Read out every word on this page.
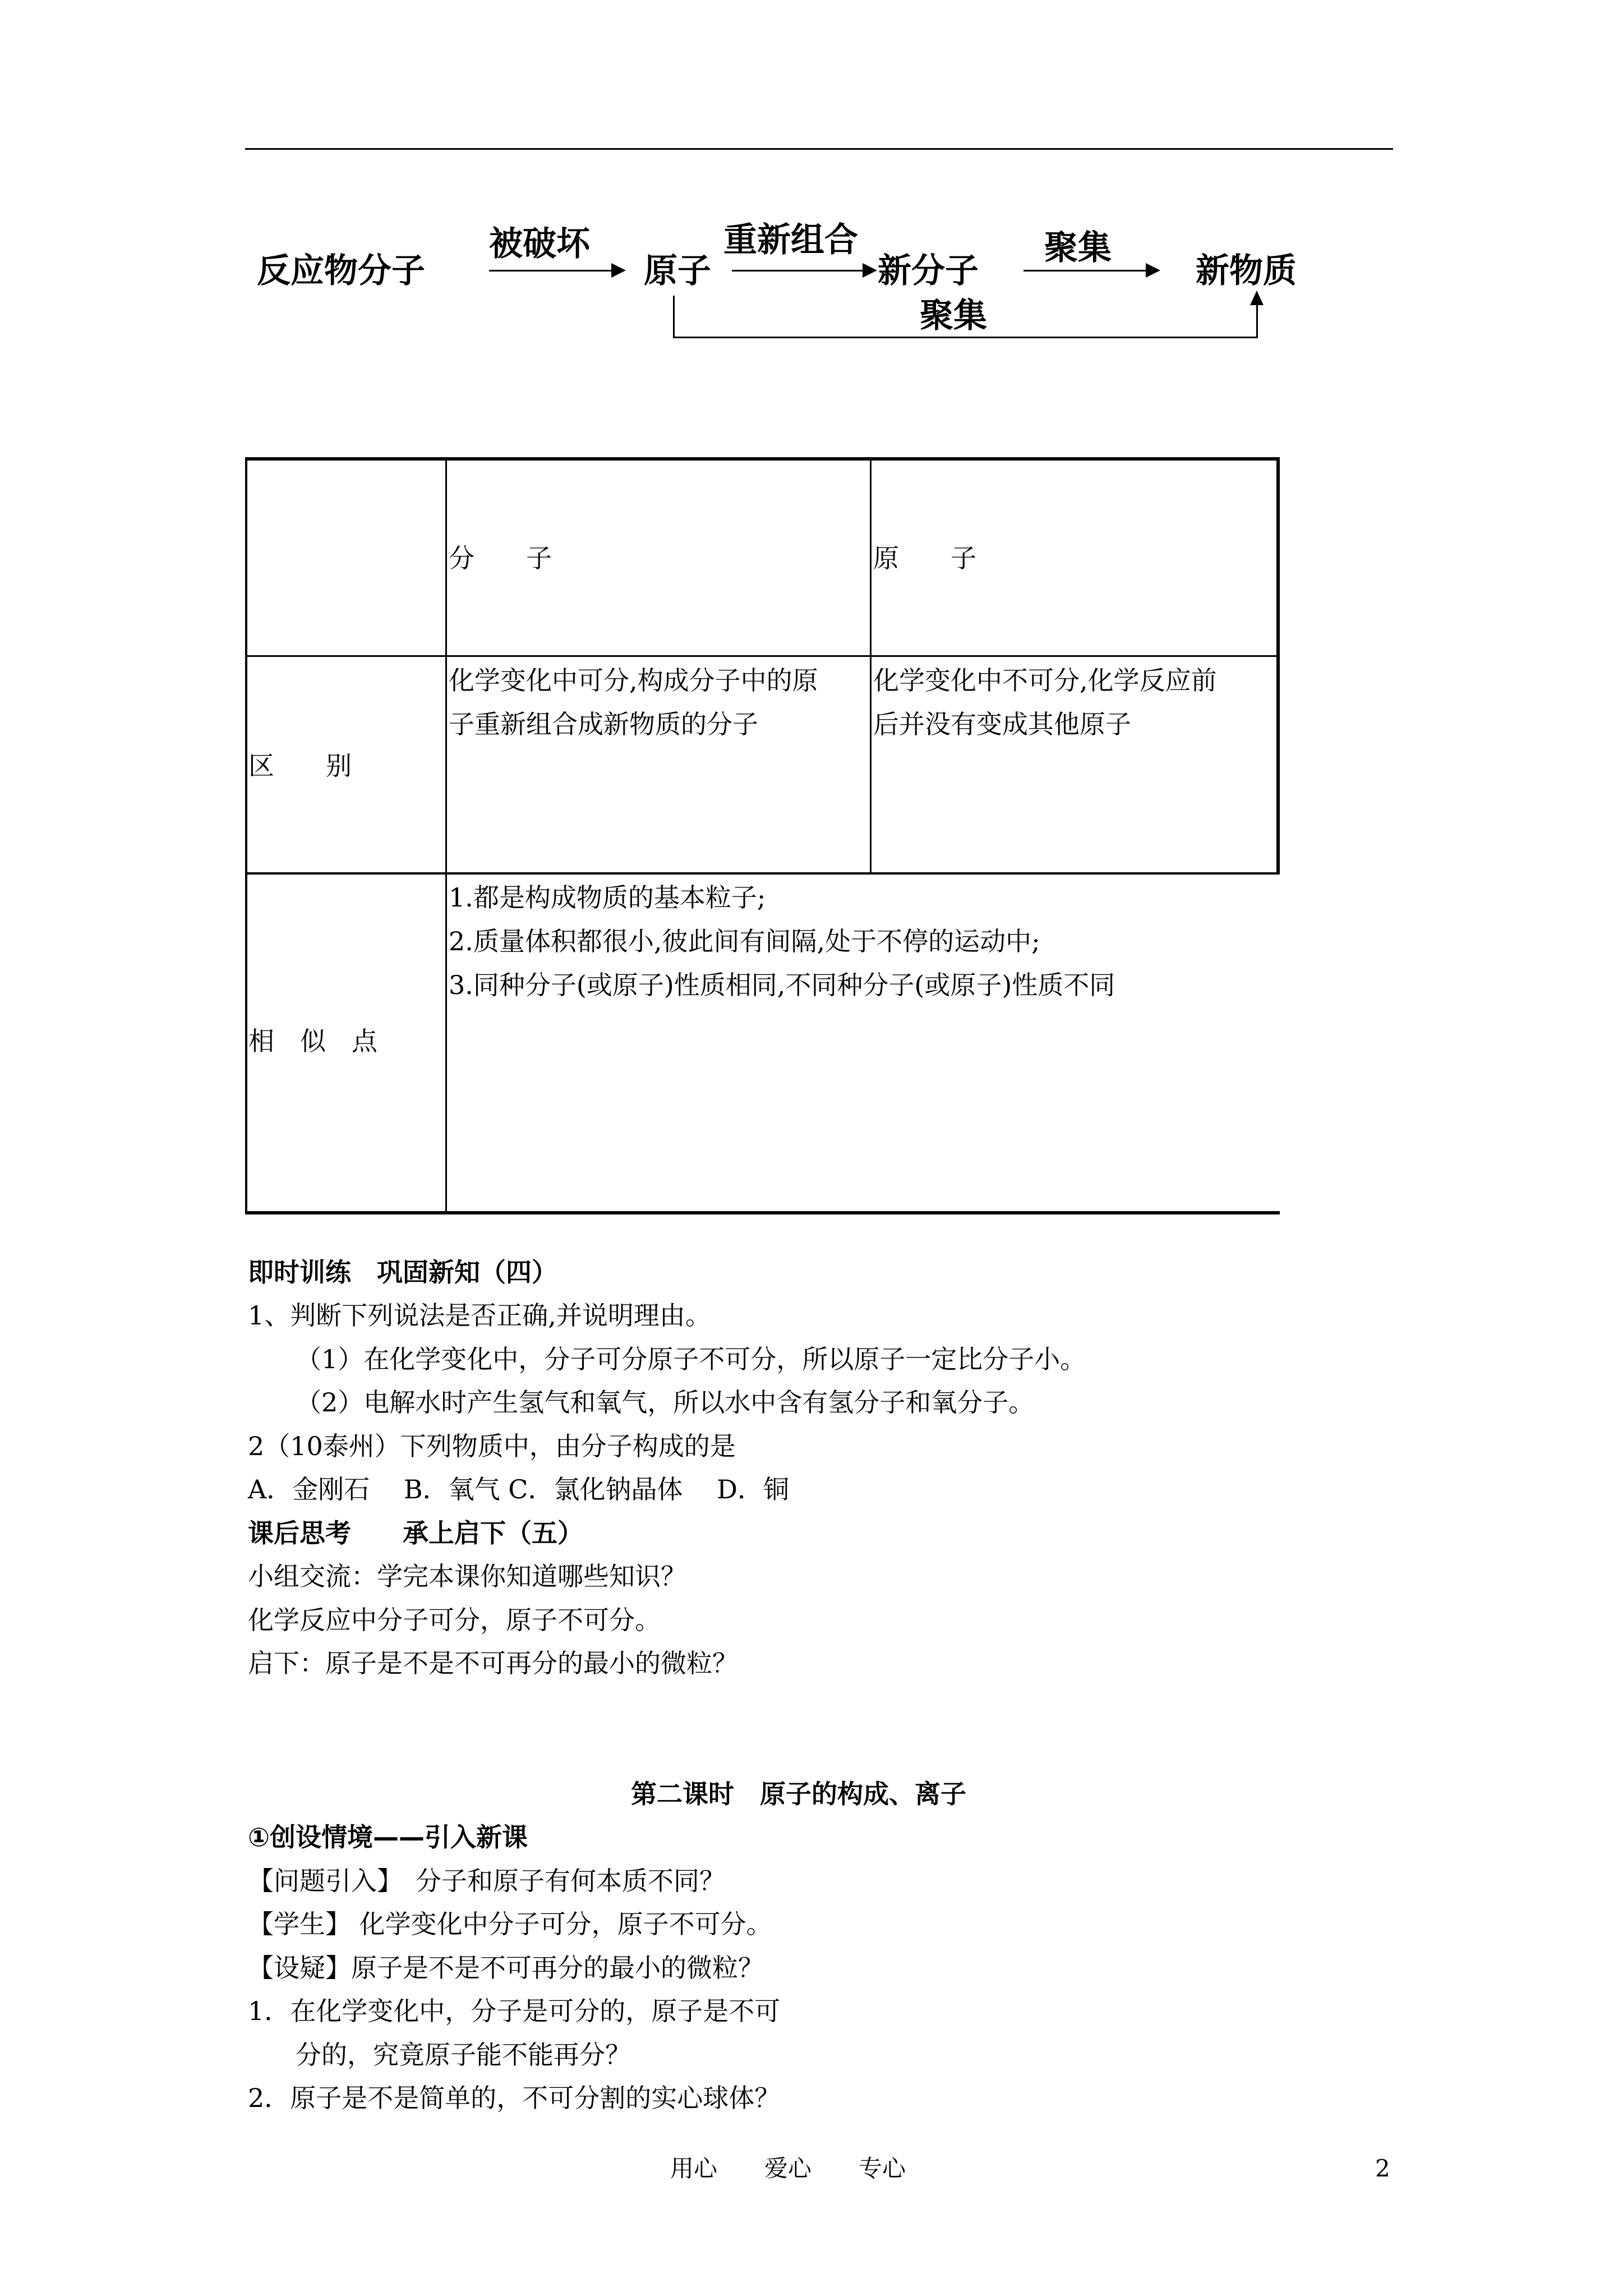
反应物分子
被破坏
原子
重新组合
新分子
聚集
新物质
聚集
分　　子	原　　子
区　　别
化学变化中可分,构成分子中的原
子重新组合成新物质的分子
化学变化中不可分,化学反应前
后并没有变成其他原子
相　似　点
1.都是构成物质的基本粒子;
2.质量体积都很小,彼此间有间隔,处于不停的运动中;
3.同种分子(或原子)性质相同,不同种分子(或原子)性质不同
即时训练　巩固新知（四）
1、判断下列说法是否正确,并说明理由。
（1）在化学变化中，分子可分原子不可分，所以原子一定比分子小。
（2）电解水时产生氢气和氧气，所以水中含有氢分子和氧分子。
2（10泰州）下列物质中，由分子构成的是
A．金刚石　 B．氧气 C．氯化钠晶体　 D．铜
课后思考　　承上启下（五）
小组交流：学完本课你知道哪些知识？
化学反应中分子可分，原子不可分。
启下：原子是不是不可再分的最小的微粒？
第二课时　原子的构成、离子
①创设情境——引入新课
【问题引入】　分子和原子有何本质不同？
【学生】 化学变化中分子可分，原子不可分。
【设疑】原子是不是不可再分的最小的微粒？
1．在化学变化中，分子是可分的，原子是不可
分的，究竟原子能不能再分？
2．原子是不是简单的，不可分割的实心球体？
用心　　爱心　　专心	2
